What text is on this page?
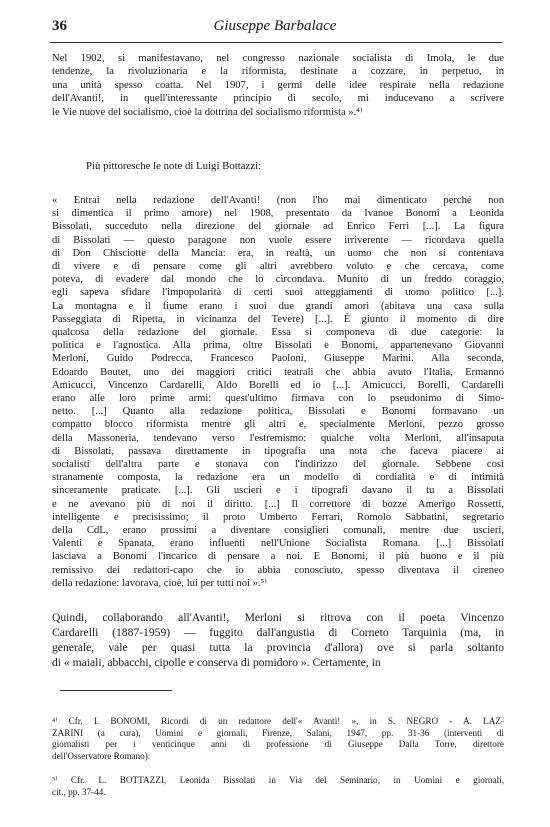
36	Giuseppe Barbalace
Nel 1902, si manifestavano, nel congresso nazionale socialista di Imola, le due
tendenze, la rivoluzionaria e la riformista, destinate a cozzare, in perpetuo, in
una unità spesso coatta. Nel 1907, i germi delle idee respirate nella redazione
dell'Avanti!, in quell'interessante principio di secolo, mi inducevano a scrivere
le Vie nuove del socialismo, cioè la dottrina del socialismo riformista ».⁴⁾
Più pittoresche le note di Luigi Bottazzi:
« Entrai nella redazione dell'Avanti! (non l'ho mai dimenticato perché non
si dimentica il primo amore) nel 1908, presentato da Ivanoe Bonomi a Leonida
Bissolati, succeduto nella direzione del giornale ad Enrico Ferri [...]. La figura
di Bissolati — questo paragone non vuole essere irriverente — ricordava quella
di Don Chisciotte della Mancia: era, in realtà, un uomo che non si contentava
di vivere e di pensare come gli altri avrebbero voluto e che cercava, come
poteva, di evadere dal mondo che lo circondava. Munito di un freddo coraggio,
egli sapeva sfidare l'impopolarità di certi suoi atteggiamenti di uomo politico [...].
La montagna e il fiume erano i suoi due grandi amori (abitava una casa sulla
Passeggiata di Ripetta, in vicinanza del Tevere) [...]. È giunto il momento di dire
qualcosa della redazione del giornale. Essa si componeva di due categorie: la
politica e l'agnostica. Alla prima, oltre Bissolati e Bonomi, appartenevano Giovanni
Merloni, Guido Podrecca, Francesco Paoloni, Giuseppe Marini. Alla seconda,
Edoardo Boutet, uno dei maggiori critici teatrali che abbia avuto l'Italia, Ermanno
Amicucci, Vincenzo Cardarelli, Aldo Borelli ed io [...]. Amicucci, Borelli, Cardarelli
erano alle loro prime armi: quest'ultimo firmava con lo pseudonimo di Simo-
netto. [...] Quanto alla redazione politica, Bissolati e Bonomi formavano un
compatto blocco riformista mentre gli altri e, specialmente Merloni, pezzo grosso
della Massoneria, tendevano verso l'estremismo: qualche volta Merloni, all'insaputa
di Bissolati, passava direttamente in tipografia una nota che faceva piacere ai
socialisti dell'altra parte e stonava con l'indirizzo del giornale. Sebbene così
stranamente composta, la redazione era un modello di cordialità e di intimità
sinceramente praticate. [...]. Gli uscieri e i tipografi davano il tu a Bissolati
e ne avevano più di noi il diritto. [...] Il correttore di bozze Amerigo Rossetti,
intelligente e precisissimo; il proto Umberto Ferrari, Romolo Sabbatini, segretario
della CdL, erano prossimi a diventare consiglieri comunali, mentre due uscieri,
Valenti e Spanata, erano influenti nell'Unione Socialista Romana. [...] Bissolati
lasciava a Bonomi l'incarico di pensare a noi. E Bonomi, il più buono e il più
remissivo dei redattori-capo che io abbia conosciuto, spesso diventava il cireneo
della redazione: lavorava, cioè, lui per tutti noi ».⁵⁾
Quindi, collaborando all'Avanti!, Merloni si ritrova con il poeta Vincenzo
Cardarelli (1887-1959) — fuggito dall'angustia di Corneto Tarquinia (ma, in
generale, vale per quasi tutta la provincia d'allora) ove si parla soltanto
di « maiali, abbacchi, cipolle e conserva di pomidoro ». Certamente, in
⁴⁾ Cfr. I. BONOMI, Ricordi di un redattore dell'« Avanti! », in S. NEGRO - A. LAZ-
ZARINI (a cura), Uomini e giornali, Firenze, Salani, 1947, pp. 31-36 (interventi di
giornalisti per i venticinque anni di professione di Giuseppe Dalla Torre, direttore
dell'Osservatore Romano).
⁵⁾ Cfr. L. BOTTAZZI, Leonida Bissolati in Via del Seminario, in Uomini e giornali,
cit., pp. 37-44.
